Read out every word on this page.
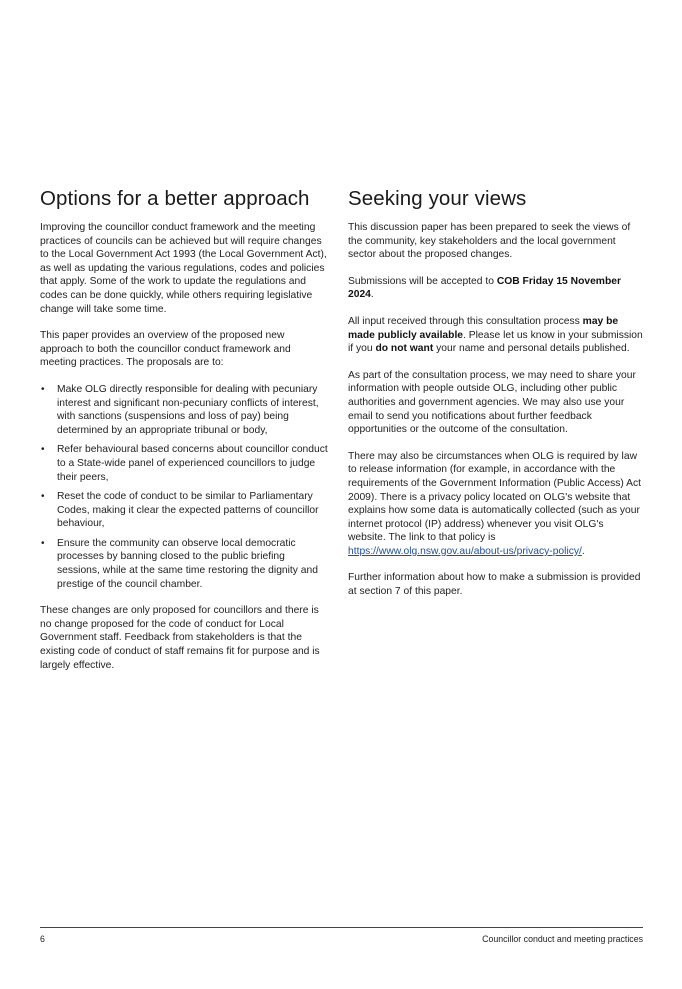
Options for a better approach

Improving the councillor conduct framework and the meeting practices of councils can be achieved but will require changes to the Local Government Act 1993 (the Local Government Act), as well as updating the various regulations, codes and policies that apply. Some of the work to update the regulations and codes can be done quickly, while others requiring legislative change will take some time.

This paper provides an overview of the proposed new approach to both the councillor conduct framework and meeting practices. The proposals are to:

• Make OLG directly responsible for dealing with pecuniary interest and significant non-pecuniary conflicts of interest, with sanctions (suspensions and loss of pay) being determined by an appropriate tribunal or body,
• Refer behavioural based concerns about councillor conduct to a State-wide panel of experienced councillors to judge their peers,
• Reset the code of conduct to be similar to Parliamentary Codes, making it clear the expected patterns of councillor behaviour,
• Ensure the community can observe local democratic processes by banning closed to the public briefing sessions, while at the same time restoring the dignity and prestige of the council chamber.

These changes are only proposed for councillors and there is no change proposed for the code of conduct for Local Government staff. Feedback from stakeholders is that the existing code of conduct of staff remains fit for purpose and is largely effective.

Seeking your views

This discussion paper has been prepared to seek the views of the community, key stakeholders and the local government sector about the proposed changes.

Submissions will be accepted to COB Friday 15 November 2024.

All input received through this consultation process may be made publicly available. Please let us know in your submission if you do not want your name and personal details published.

As part of the consultation process, we may need to share your information with people outside OLG, including other public authorities and government agencies. We may also use your email to send you notifications about further feedback opportunities or the outcome of the consultation.

There may also be circumstances when OLG is required by law to release information (for example, in accordance with the requirements of the Government Information (Public Access) Act 2009). There is a privacy policy located on OLG's website that explains how some data is automatically collected (such as your internet protocol (IP) address) whenever you visit OLG's website. The link to that policy is https://www.olg.nsw.gov.au/about-us/privacy-policy/.

Further information about how to make a submission is provided at section 7 of this paper.

6	Councillor conduct and meeting practices
